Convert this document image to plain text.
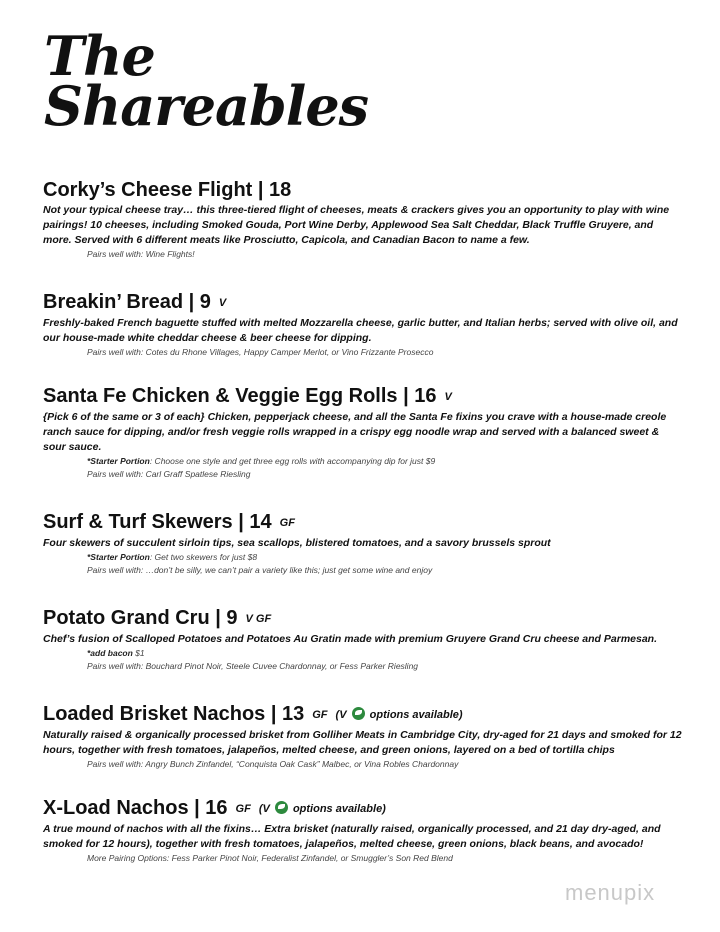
The
Shareables
Corky’s Cheese Flight | 18
Not your typical cheese tray… this three-tiered flight of cheeses, meats & crackers gives you an opportunity to play with wine pairings! 10 cheeses, including Smoked Gouda, Port Wine Derby, Applewood Sea Salt Cheddar, Black Truffle Gruyere, and more. Served with 6 different meats like Prosciutto, Capicola, and Canadian Bacon to name a few.
Pairs well with: Wine Flights!
Breakin’ Bread | 9 V
Freshly-baked French baguette stuffed with melted Mozzarella cheese, garlic butter, and Italian herbs; served with olive oil, and our house-made white cheddar cheese & beer cheese for dipping.
Pairs well with: Cotes du Rhone Villages, Happy Camper Merlot, or Vino Frizzante Prosecco
Santa Fe Chicken & Veggie Egg Rolls | 16 V
{Pick 6 of the same or 3 of each} Chicken, pepperjack cheese, and all the Santa Fe fixins you crave with a house-made creole ranch sauce for dipping, and/or fresh veggie rolls wrapped in a crispy egg noodle wrap and served with a balanced sweet & sour sauce.
*Starter Portion: Choose one style and get three egg rolls with accompanying dip for just $9
Pairs well with: Carl Graff Spatlese Riesling
Surf & Turf Skewers | 14 GF
Four skewers of succulent sirloin tips, sea scallops, blistered tomatoes, and a savory brussels sprout
*Starter Portion: Get two skewers for just $8
Pairs well with: …don’t be silly, we can’t pair a variety like this; just get some wine and enjoy
Potato Grand Cru | 9 V GF
Chef’s fusion of Scalloped Potatoes and Potatoes Au Gratin made with premium Gruyere Grand Cru cheese and Parmesan.
*add bacon $1
Pairs well with: Bouchard Pinot Noir, Steele Cuvee Chardonnay, or Fess Parker Riesling
Loaded Brisket Nachos | 13 GF (V options available)
Naturally raised & organically processed brisket from Golliher Meats in Cambridge City, dry-aged for 21 days and smoked for 12 hours, together with fresh tomatoes, jalapeños, melted cheese, and green onions, layered on a bed of tortilla chips
Pairs well with: Angry Bunch Zinfandel, “Conquista Oak Cask” Malbec, or Vina Robles Chardonnay
X-Load Nachos | 16 GF (V options available)
A true mound of nachos with all the fixins… Extra brisket (naturally raised, organically processed, and 21 day dry-aged, and smoked for 12 hours), together with fresh tomatoes, jalapeños, melted cheese, green onions, black beans, and avocado!
More Pairing Options: Fess Parker Pinot Noir, Federalist Zinfandel, or Smuggler’s Son Red Blend
menupix
